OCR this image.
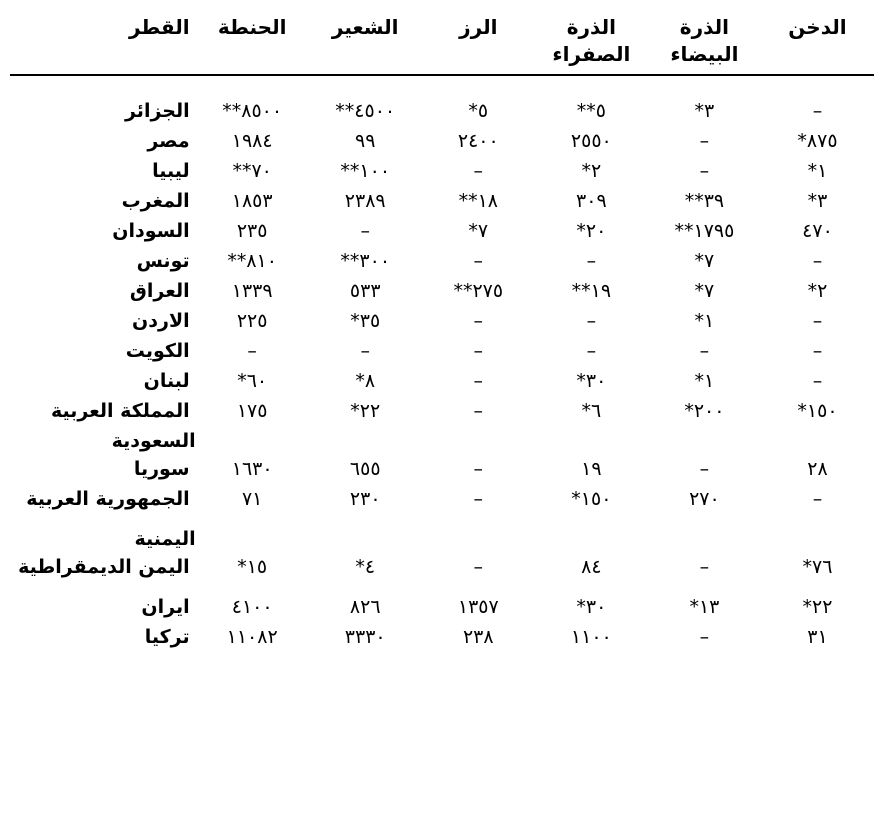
الدخن	الذرة البيضاء	الذرة الصفراء	الرز	الشعير	الحنطة	القطر

–	٣*	٥**	٥*	٤٥٠٠**	٨٥٠٠**	الجزائر
٨٧٥*	–	٢٥٥٠	٢٤٠٠	٩٩	١٩٨٤	مصر
١*	–	٢*	–	١٠٠**	٧٠**	ليبيا
٣*	٣٩**	٣٠٩	١٨**	٢٣٨٩	١٨٥٣	المغرب
٤٧٠	١٧٩٥**	٢٠*	٧*	–	٢٣٥	السودان
–	٧*	–	–	٣٠٠**	٨١٠**	تونس
٢*	٧*	١٩**	٢٧٥**	٥٣٣	١٣٣٩	العراق
–	١*	–	–	٣٥*	٢٢٥	الاردن
–	–	–	–	–	–	الكويت
–	١*	٣٠*	–	٨*	٦٠*	لبنان
١٥٠*	٢٠٠*	٦*	–	٢٢*	١٧٥	المملكة العربية
						السعودية
٢٨	–	١٩	–	٦٥٥	١٦٣٠	سوريا
–	٢٧٠	١٥٠*	–	٢٣٠	٧١	الجمهورية العربية
						اليمنية
٧٦*	–	٨٤	–	٤*	١٥*	اليمن الديمقراطية
٢٢*	١٣*	٣٠*	١٣٥٧	٨٢٦	٤١٠٠	ايران
٣١	–	١١٠٠	٢٣٨	٣٣٣٠	١١٠٨٢	تركيا
